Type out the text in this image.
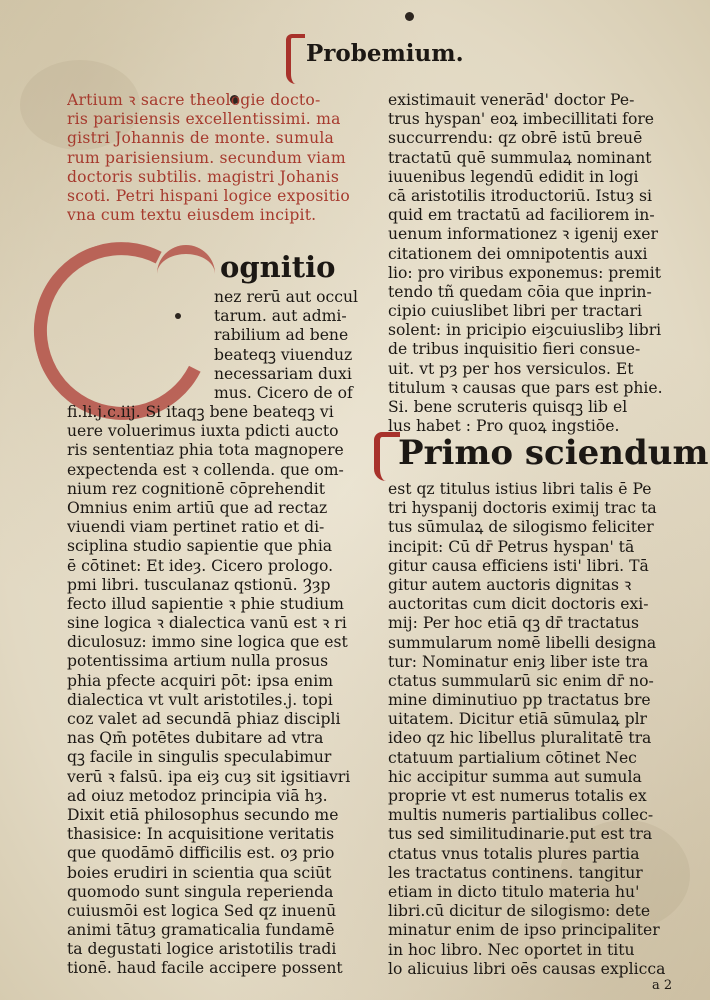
Probemium.
Artium ꝛ sacre theologie docto-
ris parisiensis excellentissimi. ma
gistri Johannis de monte. sumula
rum parisiensium. secundum viam
doctoris subtilis. magistri Johanis
scoti. Petri hispani logice expositio
vna cum textu eiusdem incipit.
ognitio
nez rerū aut occul
tarum. aut admi-
rabilium ad bene
beateqꝫ viuenduz
necessariam duxi
mus. Cicero de of
fi.li.j.c.iij. Si itaqꝫ bene beateqꝫ vi
uere voluerimus iuxta pdicti aucto
ris sententiaz phia tota magnopere
expectenda est ꝛ collenda. que om-
nium rez cognitionē cōprehendit
Omnius enim artiū que ad rectaz
viuendi viam pertinet ratio et di-
sciplina studio sapientie que phia
ē cōtinet: Et ideȝ. Cicero prologo.
pmi libri. tusculanaz qstionū. Ȝȝp
fecto illud sapientie ꝛ phie studium
sine logica ꝛ dialectica vanū est ꝛ ri
diculosuz: immo sine logica que est
potentissima artium nulla prosus
phia pfecte acquiri pōt: ipsa enim
dialectica vt vult aristotiles.j. topi
coz valet ad secundā phiaz discipli
nas Qm̄ potētes dubitare ad vtra
qꝫ facile in singulis speculabimur
verū ꝛ falsū. ipa eiȝ cuȝ sit igsitiavri
ad oiuz metodoz principia viā hȝ.
Dixit etiā philosophus secundo me
thasisice: In acquisitione veritatis
que quodāmō difficilis est. oȝ prio
boies erudiri in scientia qua sciūt
quomodo sunt singula reperienda
cuiusmōi est logica Sed qz inuenū
animi tātuȝ gramaticalia fundamē
ta degustati logice aristotilis tradi
tionē. haud facile accipere possent
existimauit venerād' doctor Pe-
trus hyspan' eoꝝ imbecillitati fore
succurrendu: qz obrē istū breuē
tractatū quē summulaꝝ nominant
iuuenibus legendū edidit in logi
cā aristotilis itroductoriū. Istuȝ si
quid em tractatū ad faciliorem in-
uenum informationez ꝛ igenij exer
citationem dei omnipotentis auxi
lio: pro viribus exponemus: premit
tendo tñ quedam cōia que inprin-
cipio cuiuslibet libri per tractari
solent: in pricipio eiȝcuiuslibȝ libri
de tribus inquisitio fieri consue-
uit. vt pȝ per hos versiculos. Et
titulum ꝛ causas que pars est phie.
Si. bene scruteris quisqꝫ lib el
lus habet : Pro quoꝝ ingstiōe.
Primo sciendum
est qz titulus istius libri talis ē Pe
tri hyspanij doctoris eximij trac ta
tus sūmulaꝝ de silogismo feliciter
incipit: Cū dr̄ Petrus hyspan' tā
gitur causa efficiens isti' libri. Tā
gitur autem auctoris dignitas ꝛ
auctoritas cum dicit doctoris exi-
mij: Per hoc etiā qꝫ dr̄ tractatus
summularum nomē libelli designa
tur: Nominatur eniȝ liber iste tra
ctatus summularū sic enim dr̄ no-
mine diminutiuo pp tractatus bre
uitatem. Dicitur etiā sūmulaꝝ plr
ideo qz hic libellus pluralitatē tra
ctatuum partialium cōtinet Nec
hic accipitur summa aut sumula
proprie vt est numerus totalis ex
multis numeris partialibus collec-
tus sed similitudinarie.put est tra
ctatus vnus totalis plures partia
les tractatus continens. tangitur
etiam in dicto titulo materia hu'
libri.cū dicitur de silogismo: dete
minatur enim de ipso principaliter
in hoc libro. Nec oportet in titu
lo alicuius libri oēs causas explicca
a 2
